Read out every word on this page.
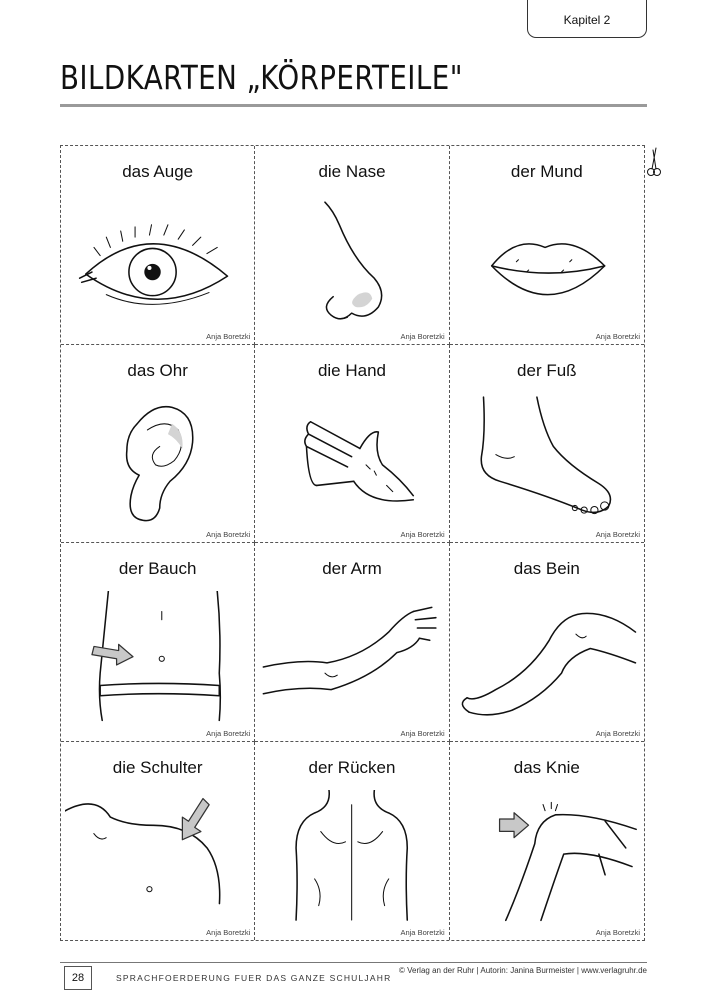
Kapitel 2
BILDKARTEN „KÖRPERTEILE"
das Auge
Anja Boretzki
die Nase
Anja Boretzki
der Mund
Anja Boretzki
das Ohr
Anja Boretzki
die Hand
Anja Boretzki
der Fuß
Anja Boretzki
der Bauch
Anja Boretzki
der Arm
Anja Boretzki
das Bein
Anja Boretzki
die Schulter
Anja Boretzki
der Rücken
Anja Boretzki
das Knie
Anja Boretzki
28	SPRACHFOERDERUNG FUER DAS GANZE SCHULJAHR
© Verlag an der Ruhr | Autorin: Janina Burmeister | www.verlagruhr.de
